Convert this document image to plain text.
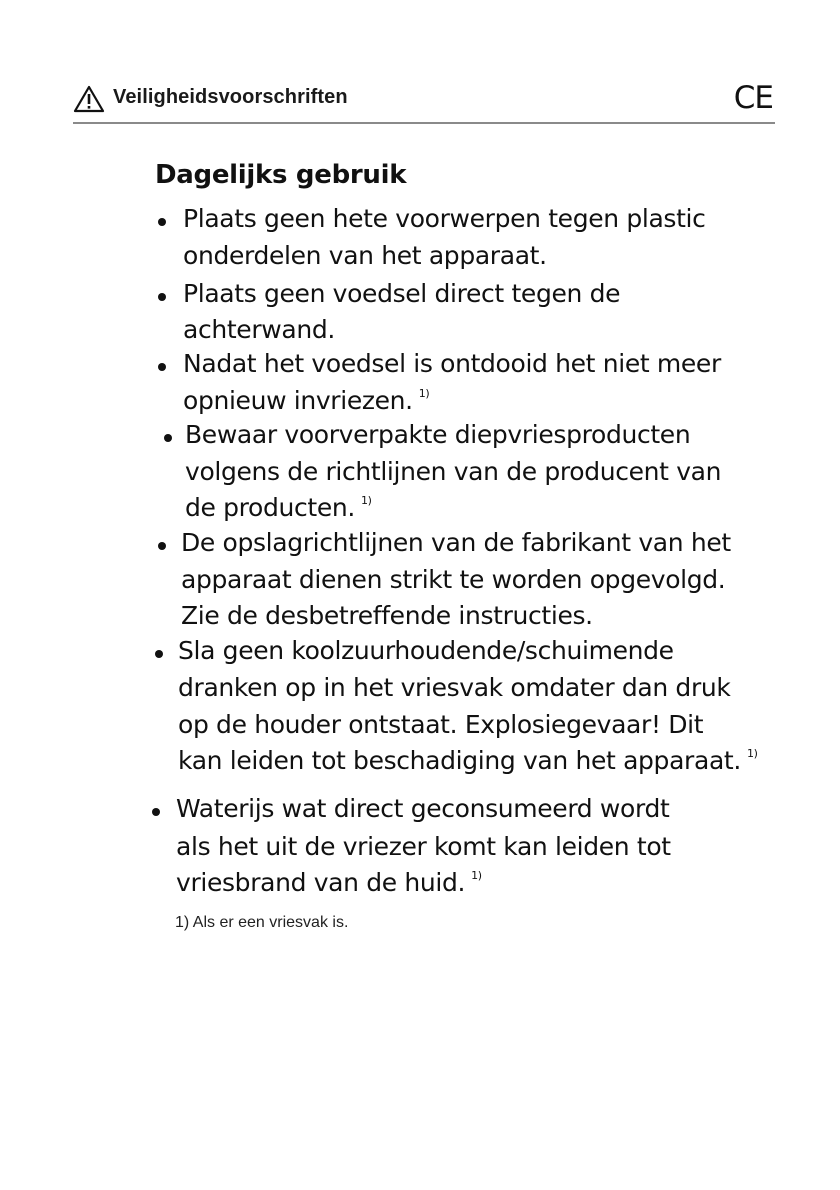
Veiligheidsvoorschriften	CE
Dagelijks gebruik
Plaats geen hete voorwerpen tegen plastic
onderdelen van het apparaat.
Plaats geen voedsel direct tegen de
achterwand.
Nadat het voedsel is ontdooid het niet meer
opnieuw invriezen. $^{1)}$
Bewaar voorverpakte diepvriesproducten
volgens de richtlijnen van de producent van
de producten. $^{1)}$
De opslagrichtlijnen van de fabrikant van het
apparaat dienen strikt te worden opgevolgd.
Zie de desbetreffende instructies.
Sla geen koolzuurhoudende/schuimende
dranken op in het vriesvak omdater dan druk
op de houder ontstaat. Explosiegevaar! Dit
kan leiden tot beschadiging van het apparaat. $^{1)}$
Waterijs wat direct geconsumeerd wordt
als het uit de vriezer komt kan leiden tot
vriesbrand van de huid. $^{1)}$
1) Als er een vriesvak is.
